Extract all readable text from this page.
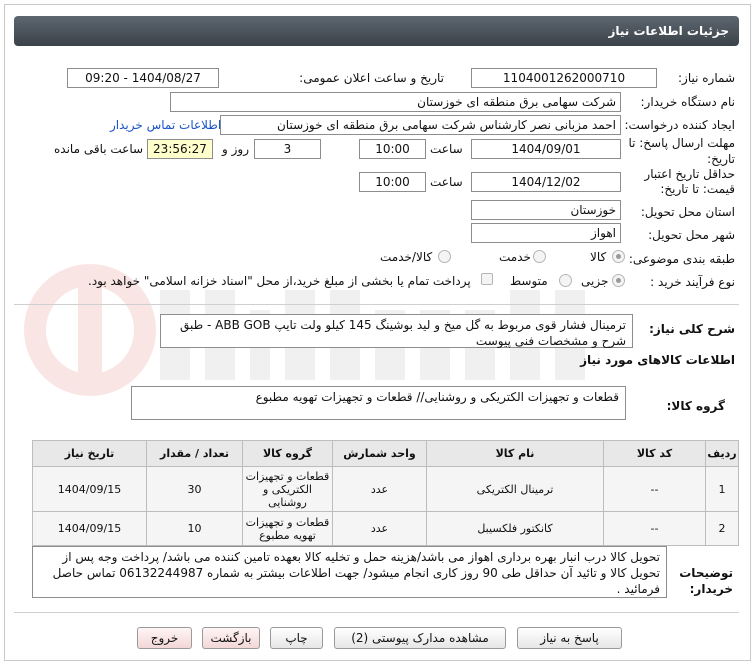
جزئیات اطلاعات نیاز
شماره نیاز:
1104001262000710
تاریخ و ساعت اعلان عمومی:
1404/08/27 - 09:20
نام دستگاه خریدار:
شرکت سهامی برق منطقه ای خوزستان
ایجاد کننده درخواست:
احمد مزبانی نصر کارشناس شرکت سهامی برق منطقه ای خوزستان
اطلاعات تماس خریدار
مهلت ارسال پاسخ: تا
تاریخ:
1404/09/01
ساعت
10:00
3
روز و
23:56:27
ساعت باقی مانده
حداقل تاریخ اعتبار
قیمت: تا تاریخ:
1404/12/02
ساعت
10:00
استان محل تحویل:
خوزستان
شهر محل تحویل:
اهواز
طبقه بندی موضوعی:
کالا
خدمت
کالا/خدمت
نوع فرآیند خرید :
جزیی
متوسط
پرداخت تمام یا بخشی از مبلغ خرید،از محل "اسناد خزانه اسلامی" خواهد بود.
شرح کلی نیاز:
ترمینال فشار قوی مربوط به گل میخ و لید بوشینگ 145 کیلو ولت تایپ ABB GOB - طبق شرح و مشخصات فنی پیوست
اطلاعات کالاهای مورد نیاز
گروه کالا:
قطعات و تجهیزات الکتریکی و روشنایی// قطعات و تجهیزات تهویه مطبوع
ردیف	کد کالا	نام کالا	واحد شمارش	گروه کالا	تعداد / مقدار	تاریخ نیاز
1	--	ترمینال الکتریکی	عدد	قطعات و تجهیزات الکتریکی و روشنایی	30	1404/09/15
2	--	کانکتور فلکسیبل	عدد	قطعات و تجهیزات تهویه مطبوع	10	1404/09/15
توضیحات
خریدار:
تحویل کالا درب انبار بهره برداری اهواز می باشد/هزینه حمل و تخلیه کالا بعهده تامین کننده می باشد/ پرداخت وجه پس از تحویل کالا و تائید آن حداقل طی 90 روز کاری انجام میشود/ جهت اطلاعات بیشتر به شماره 06132244987 تماس حاصل فرمائید .
پاسخ به نیاز
مشاهده مدارک پیوستی (2)
چاپ
بازگشت
خروج
